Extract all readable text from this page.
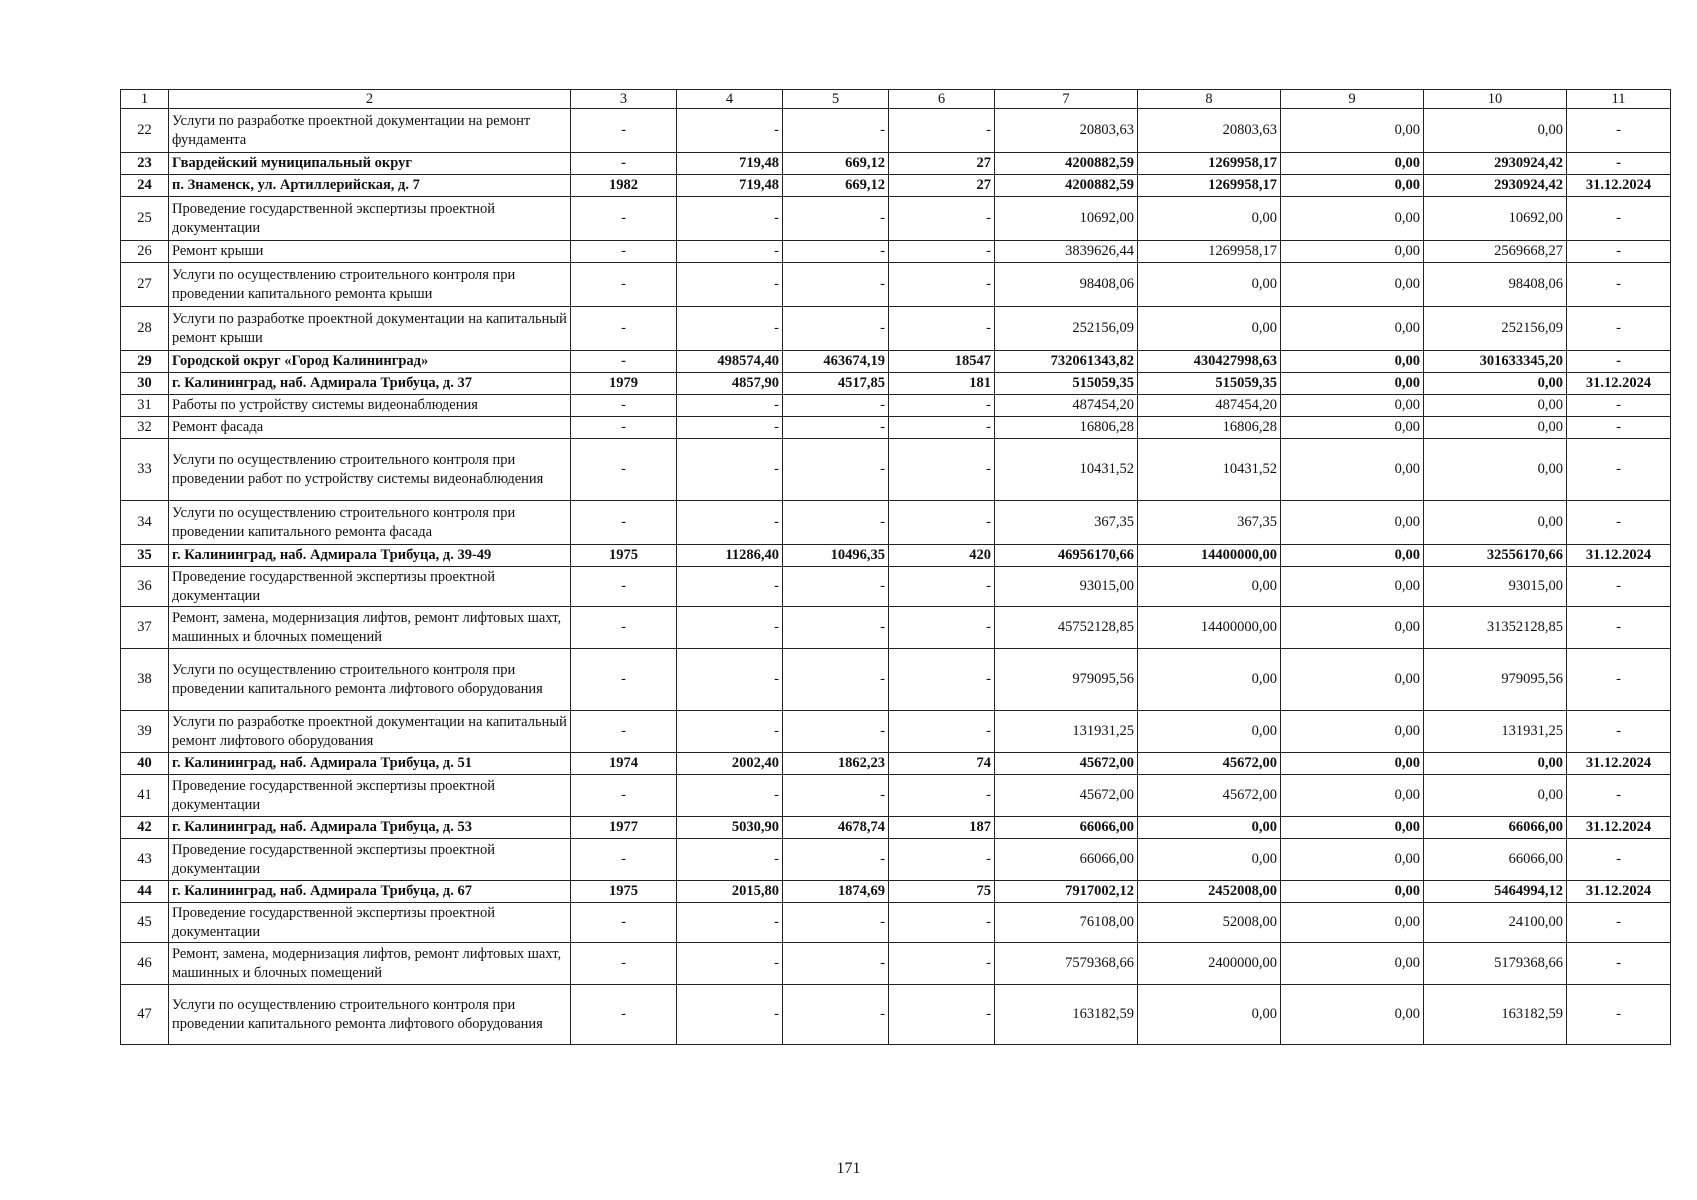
1	2	3	4	5	6	7	8	9	10	11
22	Услуги по разработке проектной документации на ремонт фундамента	-	-	-	-	20803,63	20803,63	0,00	0,00	-
23	Гвардейский муниципальный округ	-	719,48	669,12	27	4200882,59	1269958,17	0,00	2930924,42	-
24	п. Знаменск, ул. Артиллерийская, д. 7	1982	719,48	669,12	27	4200882,59	1269958,17	0,00	2930924,42	31.12.2024
25	Проведение государственной экспертизы проектной документации	-	-	-	-	10692,00	0,00	0,00	10692,00	-
26	Ремонт крыши	-	-	-	-	3839626,44	1269958,17	0,00	2569668,27	-
27	Услуги по осуществлению строительного контроля при проведении капитального ремонта крыши	-	-	-	-	98408,06	0,00	0,00	98408,06	-
28	Услуги по разработке проектной документации на капитальный ремонт крыши	-	-	-	-	252156,09	0,00	0,00	252156,09	-
29	Городской округ «Город Калининград»	-	498574,40	463674,19	18547	732061343,82	430427998,63	0,00	301633345,20	-
30	г. Калининград, наб. Адмирала Трибуца, д. 37	1979	4857,90	4517,85	181	515059,35	515059,35	0,00	0,00	31.12.2024
31	Работы по устройству системы видеонаблюдения	-	-	-	-	487454,20	487454,20	0,00	0,00	-
32	Ремонт фасада	-	-	-	-	16806,28	16806,28	0,00	0,00	-
33	Услуги по осуществлению строительного контроля при проведении работ по устройству системы видеонаблюдения	-	-	-	-	10431,52	10431,52	0,00	0,00	-
34	Услуги по осуществлению строительного контроля при проведении капитального ремонта фасада	-	-	-	-	367,35	367,35	0,00	0,00	-
35	г. Калининград, наб. Адмирала Трибуца, д. 39-49	1975	11286,40	10496,35	420	46956170,66	14400000,00	0,00	32556170,66	31.12.2024
36	Проведение государственной экспертизы проектной документации	-	-	-	-	93015,00	0,00	0,00	93015,00	-
37	Ремонт, замена, модернизация лифтов, ремонт лифтовых шахт, машинных и блочных помещений	-	-	-	-	45752128,85	14400000,00	0,00	31352128,85	-
38	Услуги по осуществлению строительного контроля при проведении капитального ремонта лифтового оборудования	-	-	-	-	979095,56	0,00	0,00	979095,56	-
39	Услуги по разработке проектной документации на капитальный ремонт лифтового оборудования	-	-	-	-	131931,25	0,00	0,00	131931,25	-
40	г. Калининград, наб. Адмирала Трибуца, д. 51	1974	2002,40	1862,23	74	45672,00	45672,00	0,00	0,00	31.12.2024
41	Проведение государственной экспертизы проектной документации	-	-	-	-	45672,00	45672,00	0,00	0,00	-
42	г. Калининград, наб. Адмирала Трибуца, д. 53	1977	5030,90	4678,74	187	66066,00	0,00	0,00	66066,00	31.12.2024
43	Проведение государственной экспертизы проектной документации	-	-	-	-	66066,00	0,00	0,00	66066,00	-
44	г. Калининград, наб. Адмирала Трибуца, д. 67	1975	2015,80	1874,69	75	7917002,12	2452008,00	0,00	5464994,12	31.12.2024
45	Проведение государственной экспертизы проектной документации	-	-	-	-	76108,00	52008,00	0,00	24100,00	-
46	Ремонт, замена, модернизация лифтов, ремонт лифтовых шахт, машинных и блочных помещений	-	-	-	-	7579368,66	2400000,00	0,00	5179368,66	-
47	Услуги по осуществлению строительного контроля при проведении капитального ремонта лифтового оборудования	-	-	-	-	163182,59	0,00	0,00	163182,59	-
171
